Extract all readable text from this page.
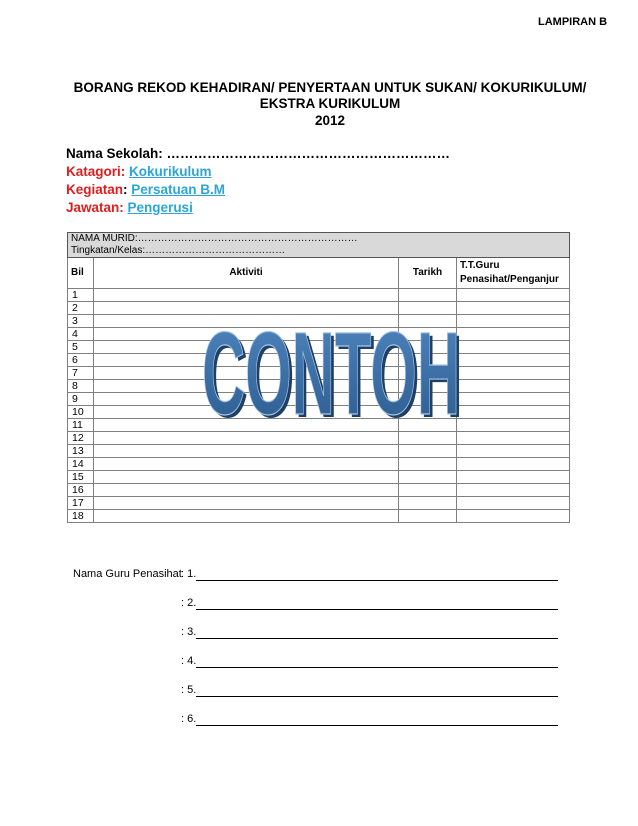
LAMPIRAN B
BORANG REKOD KEHADIRAN/ PENYERTAAN UNTUK SUKAN/ KOKURIKULUM/
EKSTRA KURIKULUM
2012
Nama Sekolah: ………………………………………………………
Katagori: Kokurikulum
Kegiatan: Persatuan B.M
Jawatan: Pengerusi
NAMA MURID:………………………………………………………… Tingkatan/Kelas:……………………………………			
Bil	Aktiviti	Tarikh	T.T.Guru Penasihat/Penganjur
1			
2			
3			
4			
5			
6			
7			
8			
9			
10			
11			
12			
13			
14			
15			
16			
17			
18			
CONTOH
CONTOH
Nama Guru Penasihat: 1.
: 2.
: 3.
: 4.
: 5.
: 6.
